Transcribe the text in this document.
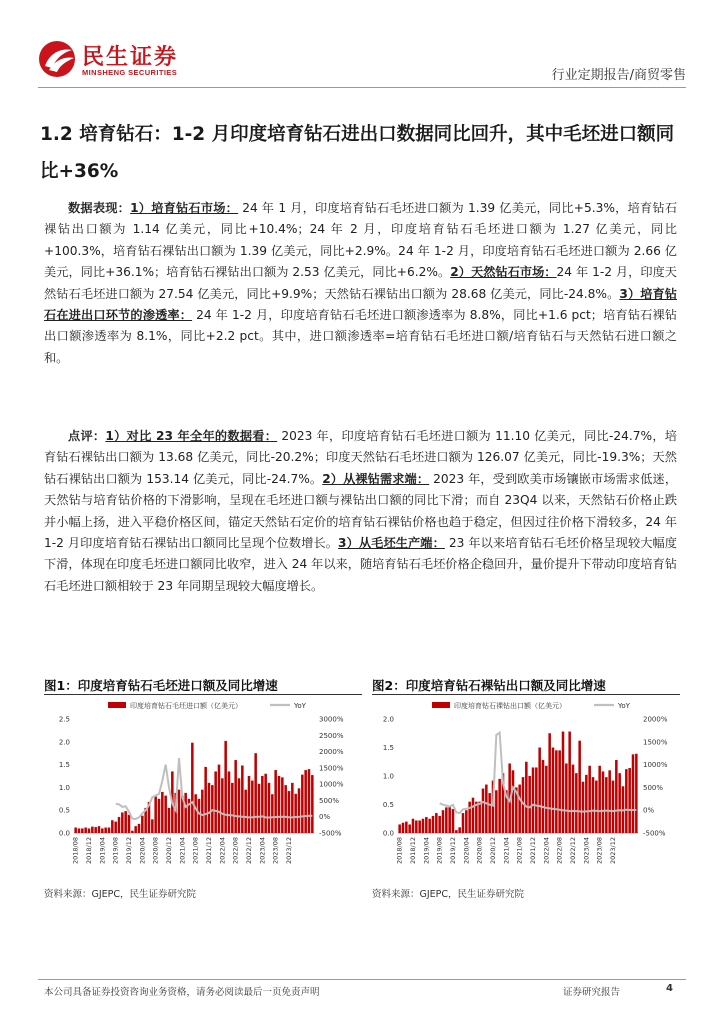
民生证券
MINSHENG SECURITIES	行业定期报告/商贸零售
1.2 培育钻石：1-2 月印度培育钻石进出口数据同比回升，其中毛坯进口额同比+36%
数据表现：1）培育钻石市场： 24 年 1 月，印度培育钻石毛坯进口额为 1.39 亿美元，同比+5.3%，培育钻石裸钻出口额为 1.14 亿美元，同比+10.4%；24 年 2 月，印度培育钻石毛坯进口额为 1.27 亿美元，同比+100.3%，培育钻石裸钻出口额为 1.39 亿美元，同比+2.9%。24 年 1-2 月，印度培育钻石毛坯进口额为 2.66 亿美元，同比+36.1%；培育钻石裸钻出口额为 2.53 亿美元，同比+6.2%。2）天然钻石市场：24 年 1-2 月，印度天然钻石毛坯进口额为 27.54 亿美元，同比+9.9%；天然钻石裸钻出口额为 28.68 亿美元，同比-24.8%。3）培育钻石在进出口环节的渗透率： 24 年 1-2 月，印度培育钻石毛坯进口额渗透率为 8.8%，同比+1.6 pct；培育钻石裸钻出口额渗透率为 8.1%，同比+2.2 pct。其中，进口额渗透率=培育钻石毛坯进口额/培育钻石与天然钻石进口额之和。
点评：1）对比 23 年全年的数据看： 2023 年，印度培育钻石毛坯进口额为 11.10 亿美元，同比-24.7%，培育钻石裸钻出口额为 13.68 亿美元，同比-20.2%；印度天然钻石毛坯进口额为 126.07 亿美元，同比-19.3%；天然钻石裸钻出口额为 153.14 亿美元，同比-24.7%。2）从裸钻需求端： 2023 年，受到欧美市场镶嵌市场需求低迷，天然钻与培育钻价格的下滑影响，呈现在毛坯进口额与裸钻出口额的同比下滑；而自 23Q4 以来，天然钻石价格止跌并小幅上扬，进入平稳价格区间，锚定天然钻石定价的培育钻石裸钻价格也趋于稳定，但因过往价格下滑较多，24 年 1-2 月印度培育钻石裸钻出口额同比呈现个位数增长。3）从毛坯生产端： 23 年以来培育钻石毛坯价格呈现较大幅度下滑，体现在印度毛坯进口额同比收窄，进入 24 年以来，随培育钻石毛坯价格企稳回升，量价提升下带动印度培育钻石毛坯进口额相较于 23 年同期呈现较大幅度增长。
图1：印度培育钻石毛坯进口额及同比增速
印度培育钻石毛坯进口额（亿美元）	YoY
0.0
0.5
1.0
1.5
2.0
2.5
-500%
0%
500%
1000%
1500%
2000%
2500%
3000%
2018/08 2018/12 2019/04 2019/08 2019/12 2020/04 2020/08 2020/12 2021/04 2021/08 2021/12 2022/04 2022/08 2022/12 2023/04 2023/08 2023/12
资料来源：GJEPC，民生证券研究院
图2：印度培育钻石裸钻出口额及同比增速
印度培育钻石裸钻出口额（亿美元）	YoY
0.0
0.5
1.0
1.5
2.0
-500%
0%
500%
1000%
1500%
2000%
2018/08 2018/12 2019/04 2019/08 2019/12 2020/04 2020/08 2020/12 2021/04 2021/08 2021/12 2022/04 2022/08 2022/12 2023/04 2023/08 2023/12
资料来源：GJEPC，民生证券研究院
本公司具备证券投资咨询业务资格，请务必阅读最后一页免责声明	证券研究报告	4
